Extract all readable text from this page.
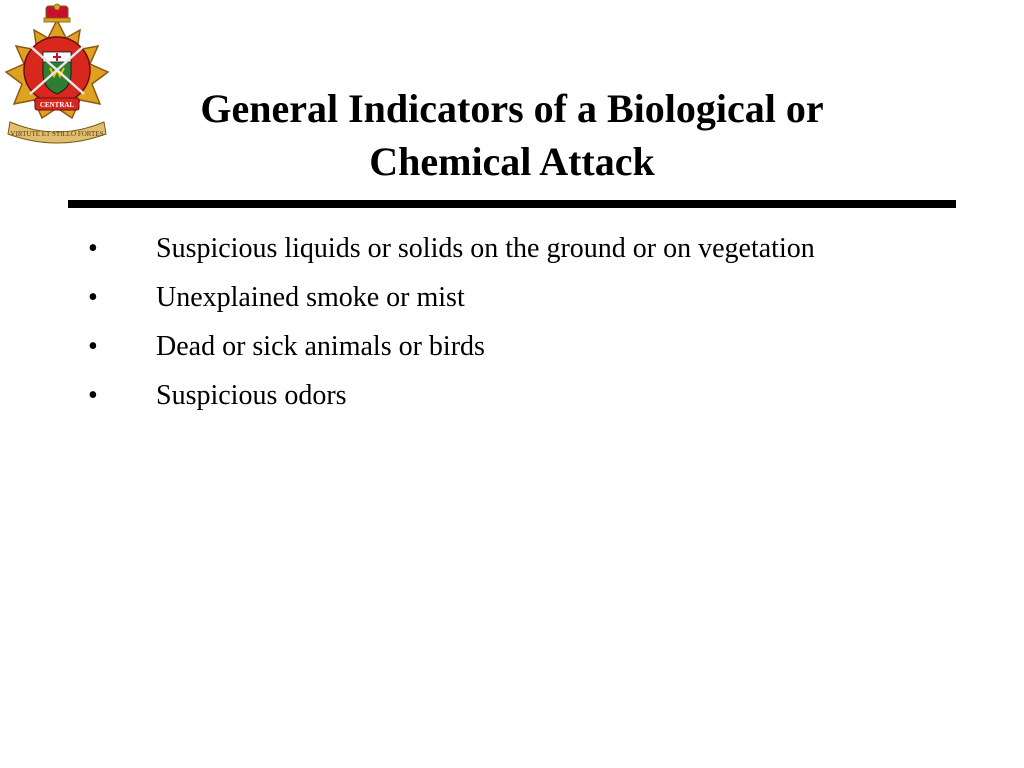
CENTRAL
VIRTUTE ET STILLO FORTES
General Indicators of a Biological or
Chemical Attack
• Suspicious liquids or solids on the ground or on vegetation
• Unexplained smoke or mist
• Dead or sick animals or birds
• Suspicious odors
